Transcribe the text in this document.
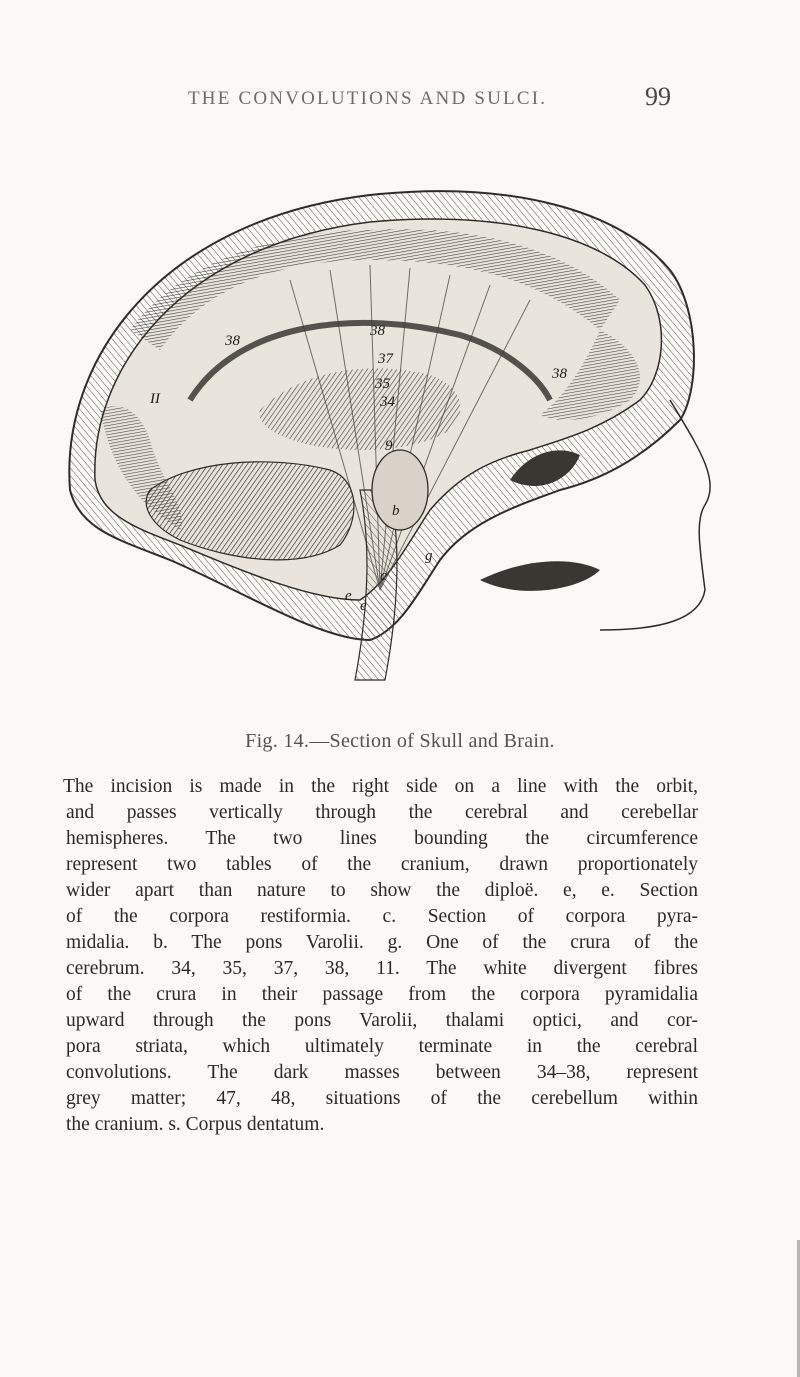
THE CONVOLUTIONS AND SULCI.	99
38
38
37
35
34
9
II
38
b
c
g
e
e
Fig. 14.—Section of Skull and Brain.
The incision is made in the right side on a line with the orbit,
and passes vertically through the cerebral and cerebellar
hemispheres. The two lines bounding the circumference
represent two tables of the cranium, drawn proportionately
wider apart than nature to show the diploë. e, e. Section
of the corpora restiformia. c. Section of corpora pyra-
midalia. b. The pons Varolii. g. One of the crura of the
cerebrum. 34, 35, 37, 38, 11. The white divergent fibres
of the crura in their passage from the corpora pyramidalia
upward through the pons Varolii, thalami optici, and cor-
pora striata, which ultimately terminate in the cerebral
convolutions. The dark masses between 34–38, represent
grey matter; 47, 48, situations of the cerebellum within
the cranium. s. Corpus dentatum.
